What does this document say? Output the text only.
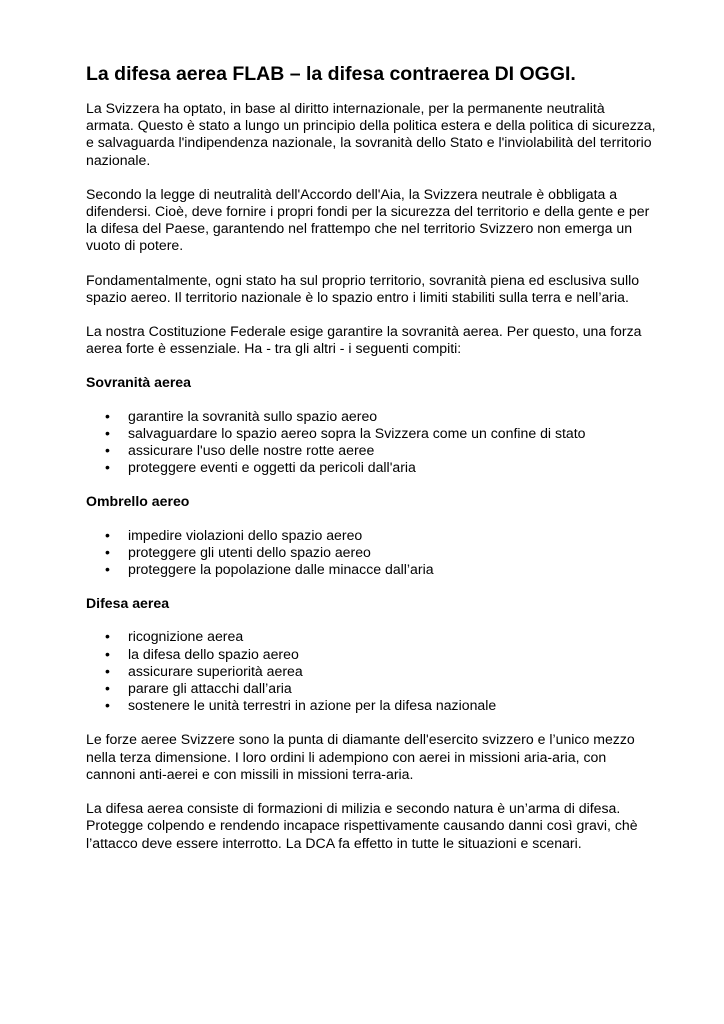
La difesa aerea FLAB – la difesa contraerea DI OGGI.

La Svizzera ha optato, in base al diritto internazionale, per la permanente neutralità armata. Questo è stato a lungo un principio della politica estera e della politica di sicurezza, e salvaguarda l'indipendenza nazionale, la sovranità dello Stato e l'inviolabilità del territorio nazionale.

Secondo la legge di neutralità dell'Accordo dell'Aia, la Svizzera neutrale è obbligata a difendersi. Cioè, deve fornire i propri fondi per la sicurezza del territorio e della gente e per la difesa del Paese, garantendo nel frattempo che nel territorio Svizzero non emerga un vuoto di potere.

Fondamentalmente, ogni stato ha sul proprio territorio, sovranità piena ed esclusiva sullo spazio aereo. Il territorio nazionale è lo spazio entro i limiti stabiliti sulla terra e nell’aria.

La nostra Costituzione Federale esige garantire la sovranità aerea. Per questo, una forza aerea forte è essenziale. Ha - tra gli altri - i seguenti compiti:

Sovranità aerea
• garantire la sovranità sullo spazio aereo
• salvaguardare lo spazio aereo sopra la Svizzera come un confine di stato
• assicurare l'uso delle nostre rotte aeree
• proteggere eventi e oggetti da pericoli dall'aria
Ombrello aereo
• impedire violazioni dello spazio aereo
• proteggere gli utenti dello spazio aereo
• proteggere la popolazione dalle minacce dall’aria
Difesa aerea
• ricognizione aerea
• la difesa dello spazio aereo
• assicurare superiorità aerea
• parare gli attacchi dall’aria
• sostenere le unità terrestri in azione per la difesa nazionale

Le forze aeree Svizzere sono la punta di diamante dell'esercito svizzero e l’unico mezzo nella terza dimensione. I loro ordini li adempiono con aerei in missioni aria-aria, con cannoni anti-aerei e con missili in missioni terra-aria.

La difesa aerea consiste di formazioni di milizia e secondo natura è un’arma di difesa. Protegge colpendo e rendendo incapace rispettivamente causando danni così gravi, chè l’attacco deve essere interrotto. La DCA fa effetto in tutte le situazioni e scenari.
